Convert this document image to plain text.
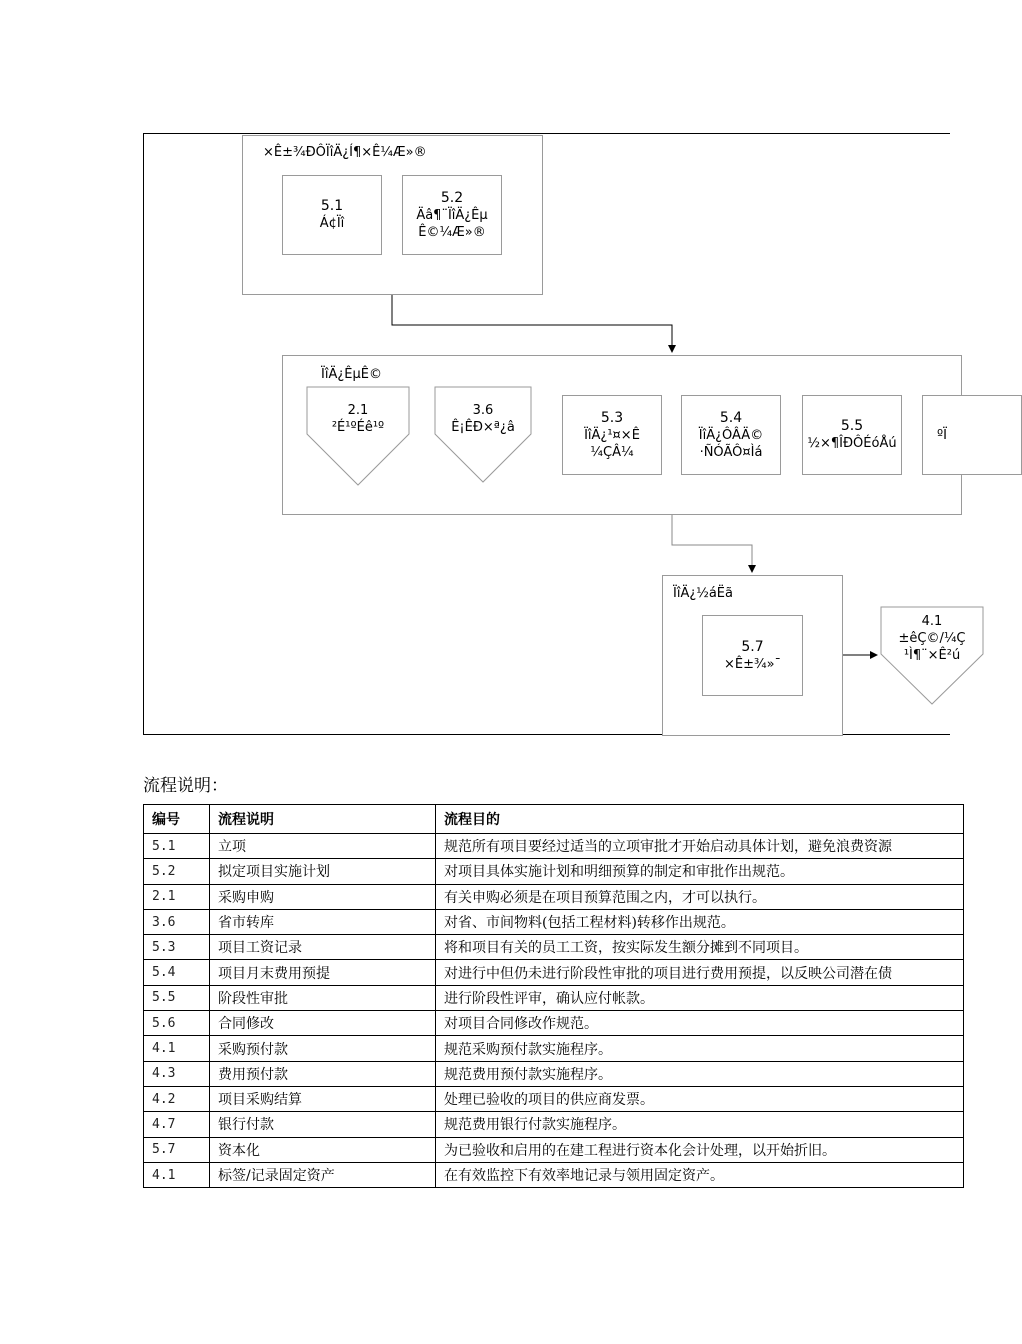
×Ê±¾ÐÔÏîÄ¿Í¶×Ê¼Æ»®
5.1
Á¢Ïî
5.2
Äâ¶¨ÏîÄ¿Êµ
Ê©¼Æ»®
ÏîÄ¿ÊµÊ©
2.1
²É¹ºÉê¹º
3.6
Ê¡ÊÐ×ª¿â
5.3
ÏîÄ¿¹¤×Ê
¼ÇÂ¼
5.4
ÏîÄ¿ÔÂÄ©
·ÑÓÃÔ¤Ìá
5.5
½×¶ÎÐÔÉóÅú
ºÏ
ÏîÄ¿½áËã
5.7
×Ê±¾»¯
4.1
±êÇ©/¼Ç
¹Ì¶¨×Ê²ú
流程说明：
编号	流程说明	流程目的
5.1	立项	规范所有项目要经过适当的立项审批才开始启动具体计划，避免浪费资源
5.2	拟定项目实施计划	对项目具体实施计划和明细预算的制定和审批作出规范。
2.1	采购申购	有关申购必须是在项目预算范围之内，才可以执行。
3.6	省市转库	对省、市间物料(包括工程材料)转移作出规范。
5.3	项目工资记录	将和项目有关的员工工资，按实际发生额分摊到不同项目。
5.4	项目月末费用预提	对进行中但仍未进行阶段性审批的项目进行费用预提，以反映公司潜在债
5.5	阶段性审批	进行阶段性评审，确认应付帐款。
5.6	合同修改	对项目合同修改作规范。
4.1	采购预付款	规范采购预付款实施程序。
4.3	费用预付款	规范费用预付款实施程序。
4.2	项目采购结算	处理已验收的项目的供应商发票。
4.7	银行付款	规范费用银行付款实施程序。
5.7	资本化	为已验收和启用的在建工程进行资本化会计处理，以开始折旧。
4.1	标签/记录固定资产	在有效监控下有效率地记录与领用固定资产。
